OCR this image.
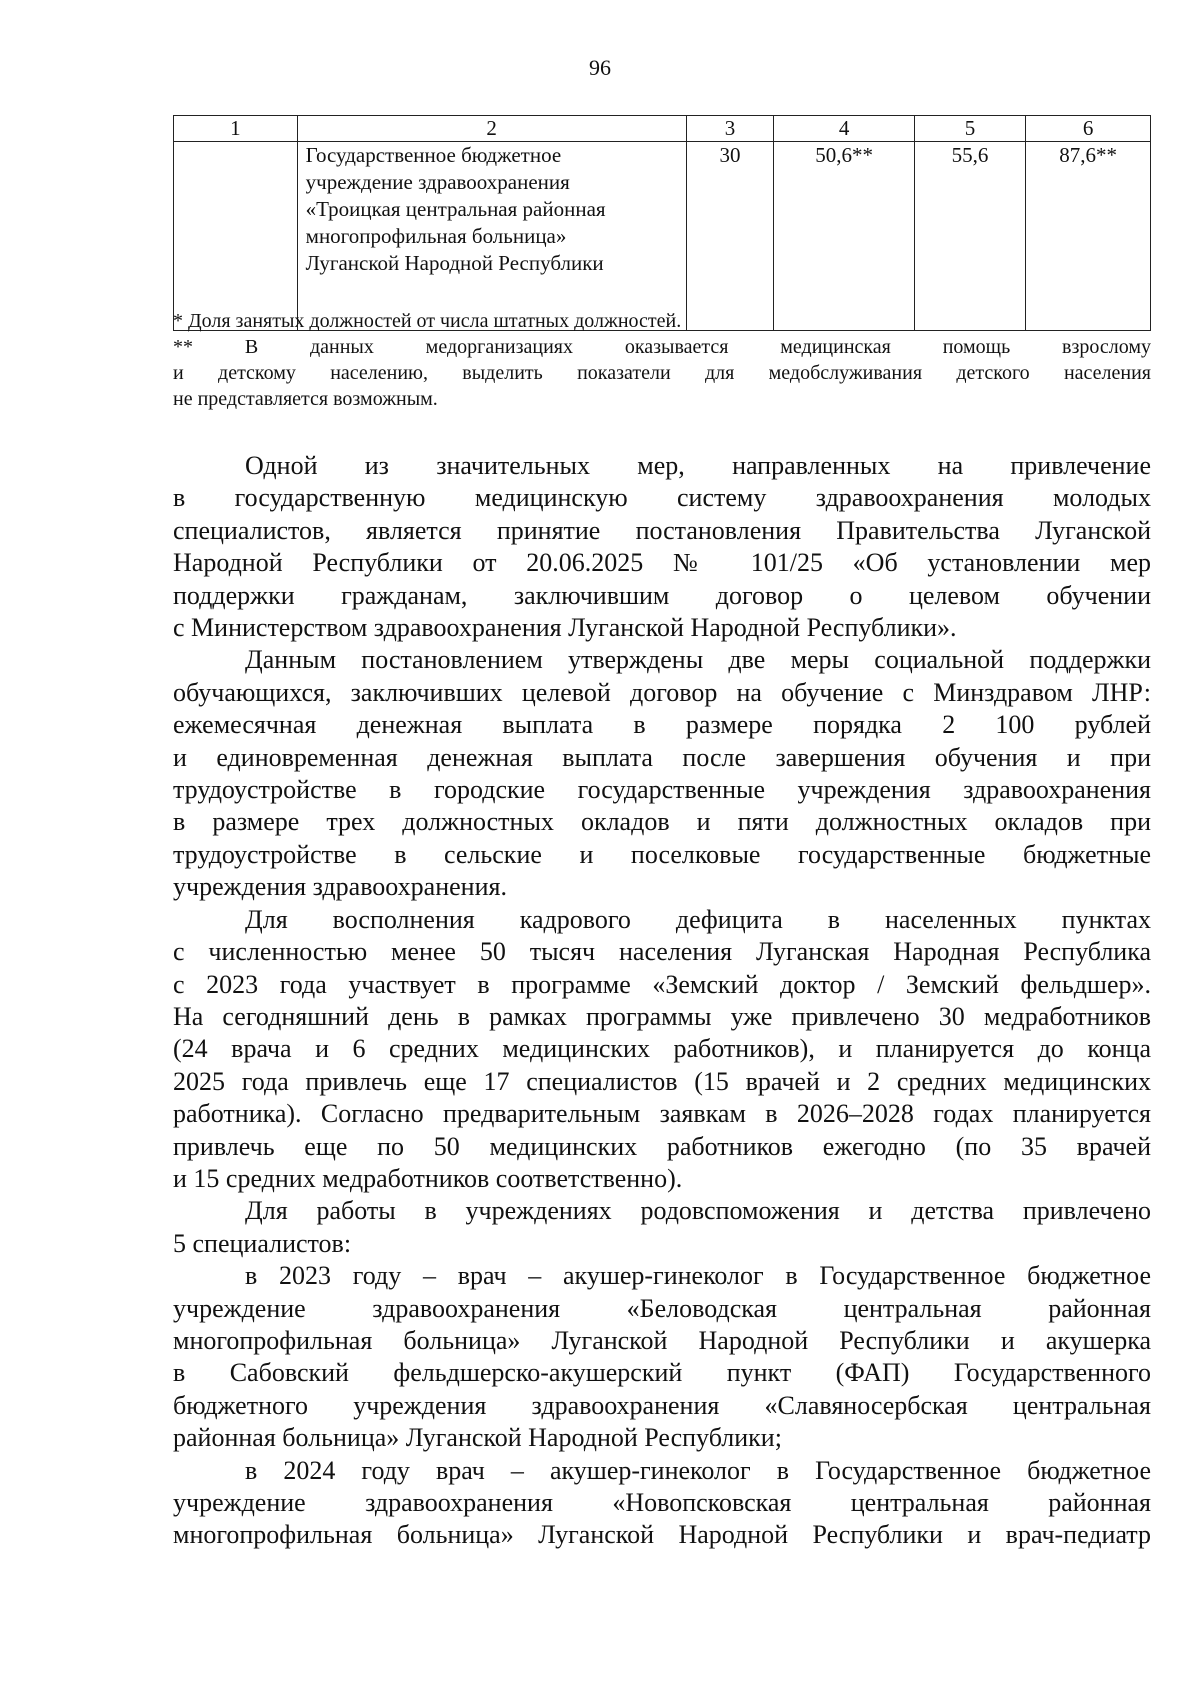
96
1	2	3	4	5	6

	Государственное бюджетное
учреждение здравоохранения
«Троицкая центральная районная
многопрофильная больница»
Луганской Народной Республики	30	50,6**	55,6	87,6**
* Доля занятых должностей от числа штатных должностей.
** В данных медорганизациях оказывается медицинская помощь взрослому
и детскому населению, выделить показатели для медобслуживания детского населения
не представляется возможным.

Одной из значительных мер, направленных на привлечение

в государственную медицинскую систему здравоохранения молодых

специалистов, является принятие постановления Правительства Луганской

Народной Республики от 20.06.2025 № 101/25 «Об установлении мер

поддержки гражданам, заключившим договор о целевом обучении

с Министерством здравоохранения Луганской Народной Республики».

Данным постановлением утверждены две меры социальной поддержки

обучающихся, заключивших целевой договор на обучение с Минздравом ЛНР:

ежемесячная денежная выплата в размере порядка 2 100 рублей

и единовременная денежная выплата после завершения обучения и при

трудоустройстве в городские государственные учреждения здравоохранения

в размере трех должностных окладов и пяти должностных окладов при

трудоустройстве в сельские и поселковые государственные бюджетные

учреждения здравоохранения.

Для восполнения кадрового дефицита в населенных пунктах

с численностью менее 50 тысяч населения Луганская Народная Республика

с 2023 года участвует в программе «Земский доктор / Земский фельдшер».

На сегодняшний день в рамках программы уже привлечено 30 медработников

(24 врача и 6 средних медицинских работников), и планируется до конца

2025 года привлечь еще 17 специалистов (15 врачей и 2 средних медицинских

работника). Согласно предварительным заявкам в 2026–2028 годах планируется

привлечь еще по 50 медицинских работников ежегодно (по 35 врачей

и 15 средних медработников соответственно).

Для работы в учреждениях родовспоможения и детства привлечено

5 специалистов:

в 2023 году – врач – акушер-гинеколог в Государственное бюджетное

учреждение здравоохранения «Беловодская центральная районная

многопрофильная больница» Луганской Народной Республики и акушерка

в Сабовский фельдшерско-акушерский пункт (ФАП) Государственного

бюджетного учреждения здравоохранения «Славяносербская центральная

районная больница» Луганской Народной Республики;

в 2024 году врач – акушер-гинеколог в Государственное бюджетное

учреждение здравоохранения «Новопсковская центральная районная

многопрофильная больница» Луганской Народной Республики и врач-педиатр
